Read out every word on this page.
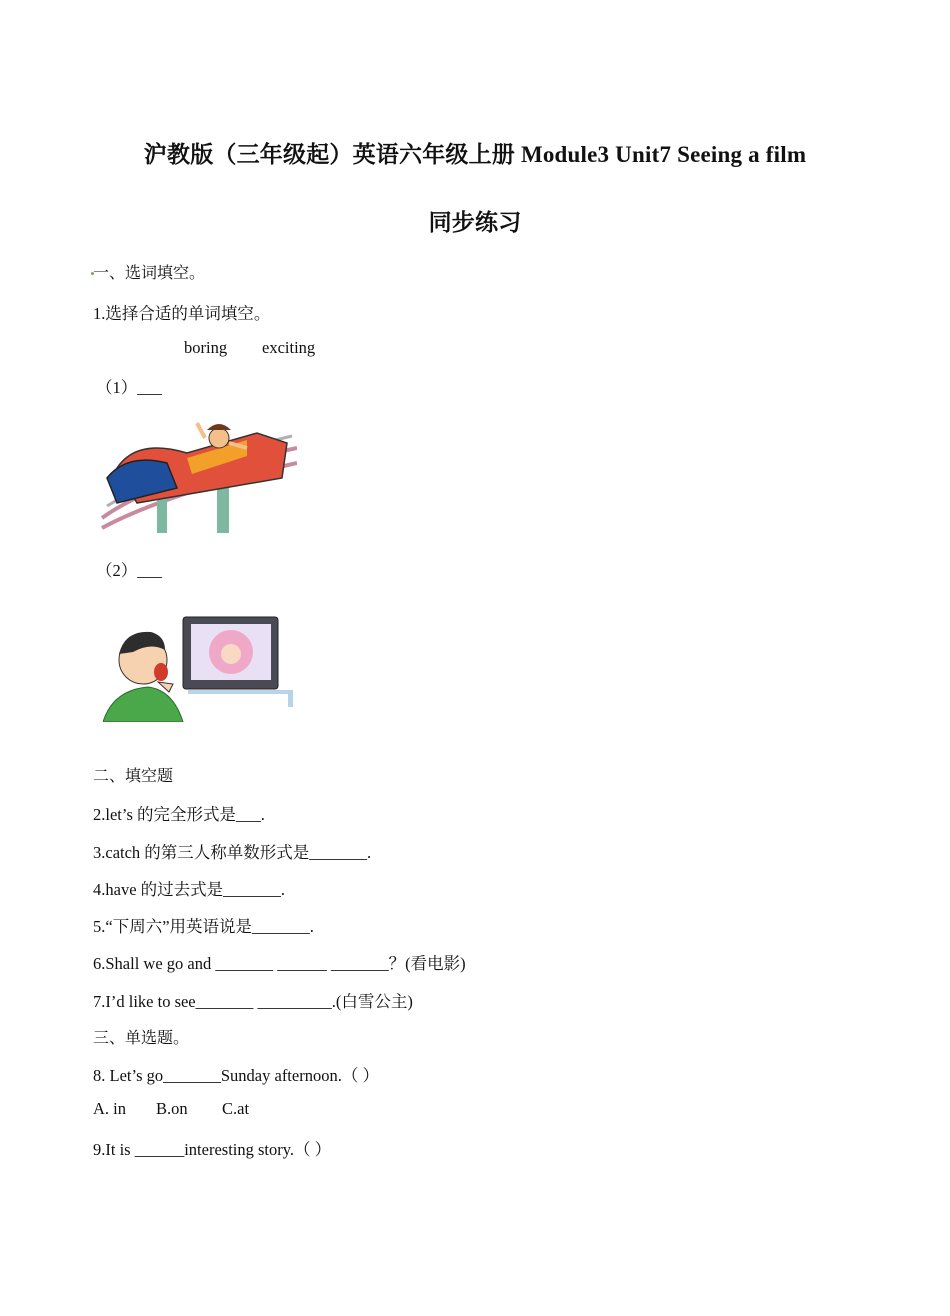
沪教版（三年级起）英语六年级上册 Module3 Unit7 Seeing a film
同步练习
一、选词填空。
1.选择合适的单词填空。
boring exciting
（1）___
（2）___
二、填空题
2.let’s 的完全形式是___.
3.catch 的第三人称单数形式是_______.
4.have 的过去式是_______.
5.“下周六”用英语说是_______.
6.Shall we go and _______ ______ _______？(看电影)
7.I’d like to see_______ _________.(白雪公主)
三、单选题。
8. Let’s go_______Sunday afternoon.（ ）
A. in B.on C.at
9.It is ______interesting story.（ ）
